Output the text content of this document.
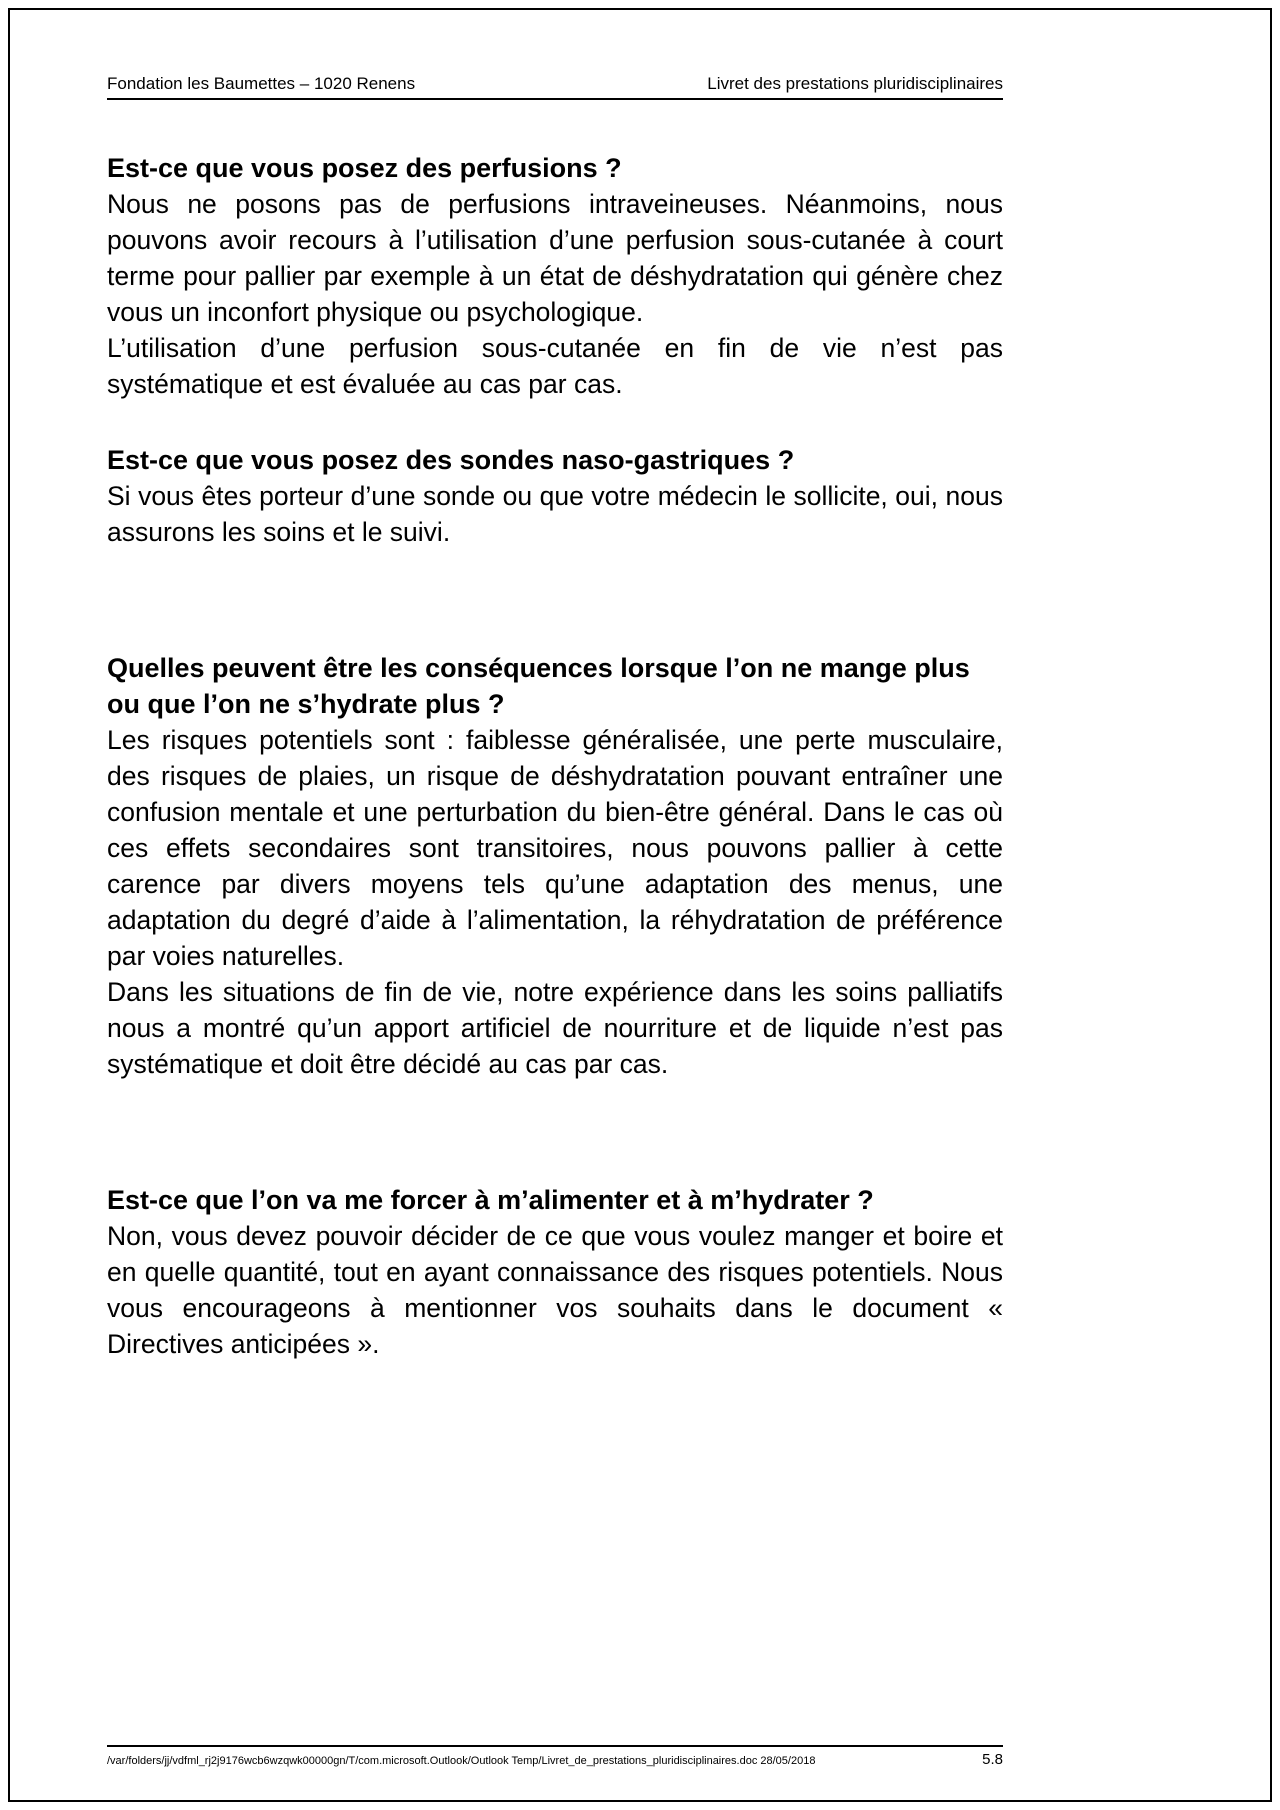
Fondation les Baumettes – 1020 Renens	Livret des prestations pluridisciplinaires
Est-ce que vous posez des perfusions ?

Nous ne posons pas de perfusions intraveineuses. Néanmoins, nous pouvons avoir recours à l’utilisation d’une perfusion sous-cutanée à court terme pour pallier par exemple à un état de déshydratation qui génère chez vous un inconfort physique ou psychologique.

L’utilisation d’une perfusion sous-cutanée en fin de vie n’est pas systématique et est évaluée au cas par cas.

Est-ce que vous posez des sondes naso-gastriques ?

Si vous êtes porteur d’une sonde ou que votre médecin le sollicite, oui, nous assurons les soins et le suivi.

Quelles peuvent être les conséquences lorsque l’on ne mange plus ou que l’on ne s’hydrate plus ?

Les risques potentiels sont : faiblesse généralisée, une perte musculaire, des risques de plaies, un risque de déshydratation pouvant entraîner une confusion mentale et une perturbation du bien-être général. Dans le cas où ces effets secondaires sont transitoires, nous pouvons pallier à cette carence par divers moyens tels qu’une adaptation des menus, une adaptation du degré d’aide à l’alimentation, la réhydratation de préférence par voies naturelles.

Dans les situations de fin de vie, notre expérience dans les soins palliatifs nous a montré qu’un apport artificiel de nourriture et de liquide n’est pas systématique et doit être décidé au cas par cas.

Est-ce que l’on va me forcer à m’alimenter et à m’hydrater ?

Non, vous devez pouvoir décider de ce que vous voulez manger et boire et en quelle quantité, tout en ayant connaissance des risques potentiels. Nous vous encourageons à mentionner vos souhaits dans le document « Directives anticipées ».

/var/folders/jj/vdfml_rj2j9176wcb6wzqwk00000gn/T/com.microsoft.Outlook/Outlook Temp/Livret_de_prestations_pluridisciplinaires.doc 28/05/2018	5.8
